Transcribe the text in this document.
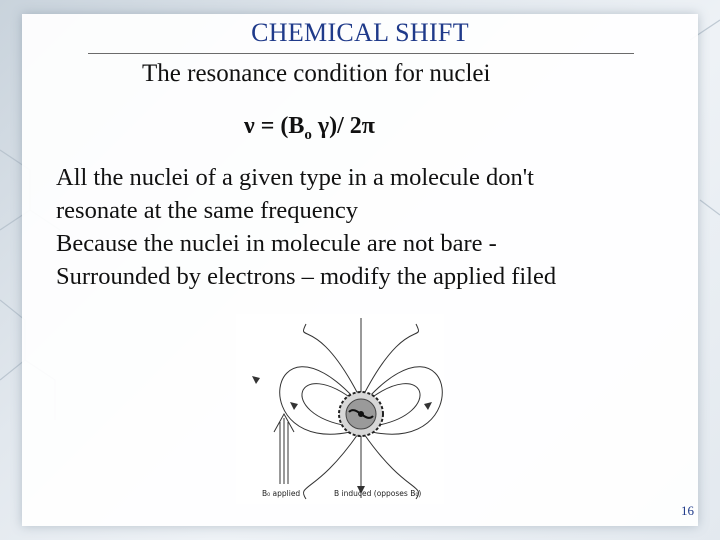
CHEMICAL SHIFT
The resonance condition for nuclei
$\nu = (B_o$ γ)/ 2π
All the nuclei of a given type in a molecule don't
resonate at the same frequency
Because the nuclei in molecule are not bare -
Surrounded by electrons – modify the applied filed
B₀ applied	B induced (opposes B₀)
16
